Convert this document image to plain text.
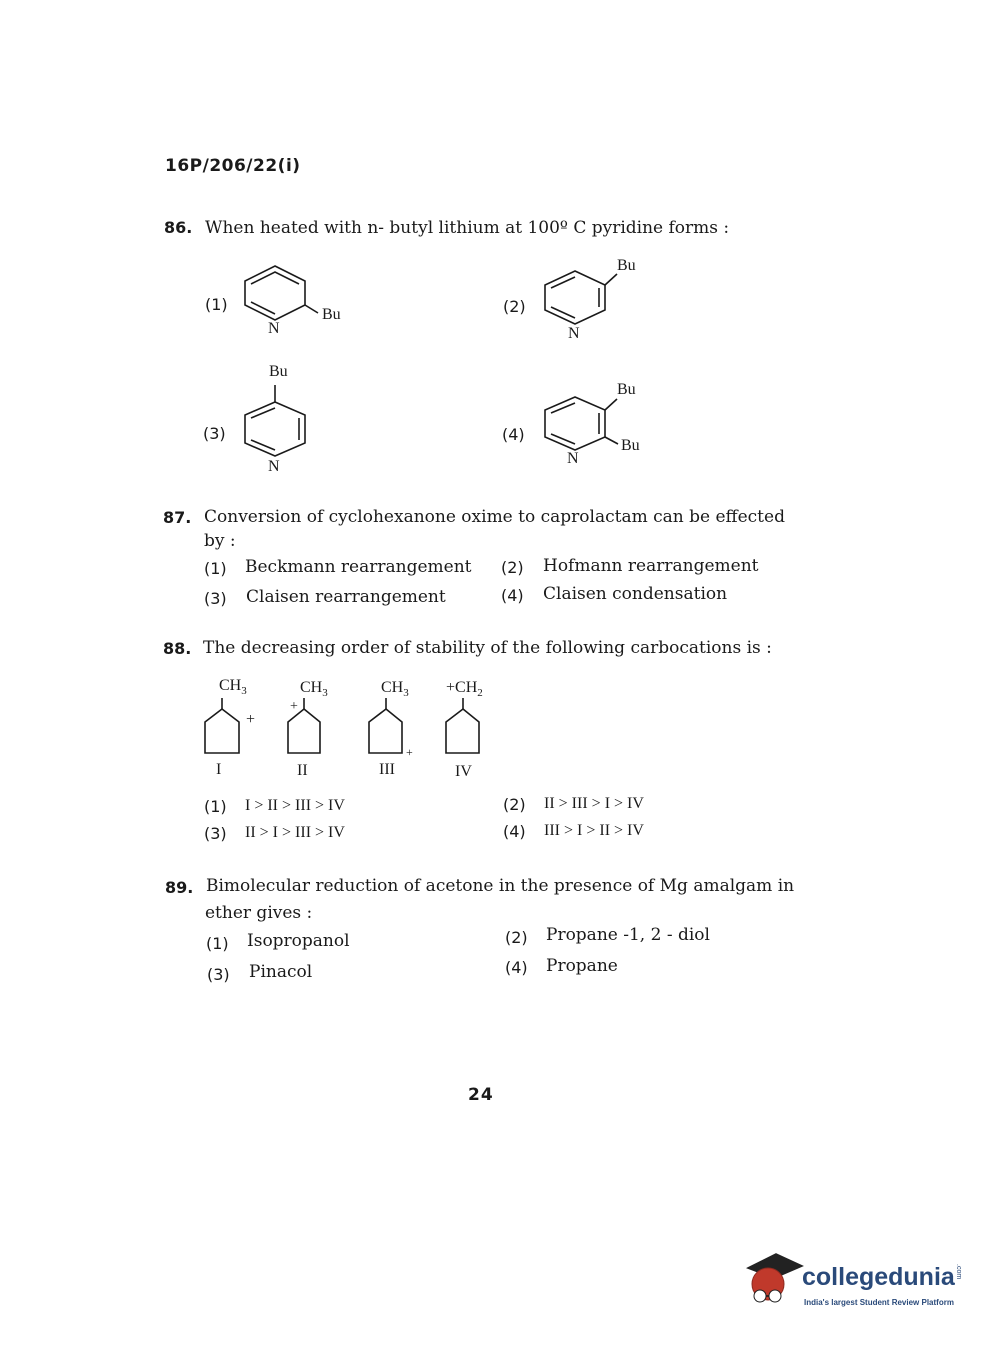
16P/206/22(i)
86. When heated with n- butyl lithium at 100º C pyridine forms :
(1)
N
Bu	(2)
N
Bu
(3)
N
Bu
(4)
N
Bu
Bu
87. Conversion of cyclohexanone oxime to caprolactam can be effected
by :
(1) Beckmann rearrangement (2) Hofmann rearrangement
(3) Claisen rearrangement	(4) Claisen condensation
88. The decreasing order of stability of the following carbocations is :
$CH_3$
+
I
$CH_3$
+
II
$CH_3$
+
III
$+CH_2$
IV
(1) I > II > III > IV	(2) II > III > I > IV
(3) II > I > III > IV	(4) III > I > II > IV
89. Bimolecular reduction of acetone in the presence of Mg amalgam in
ether gives :
(1) Isopropanol	(2) Propane -1, 2 - diol
(3) Pinacol	(4) Propane
24
collegedunia .com
India's largest Student Review Platform
